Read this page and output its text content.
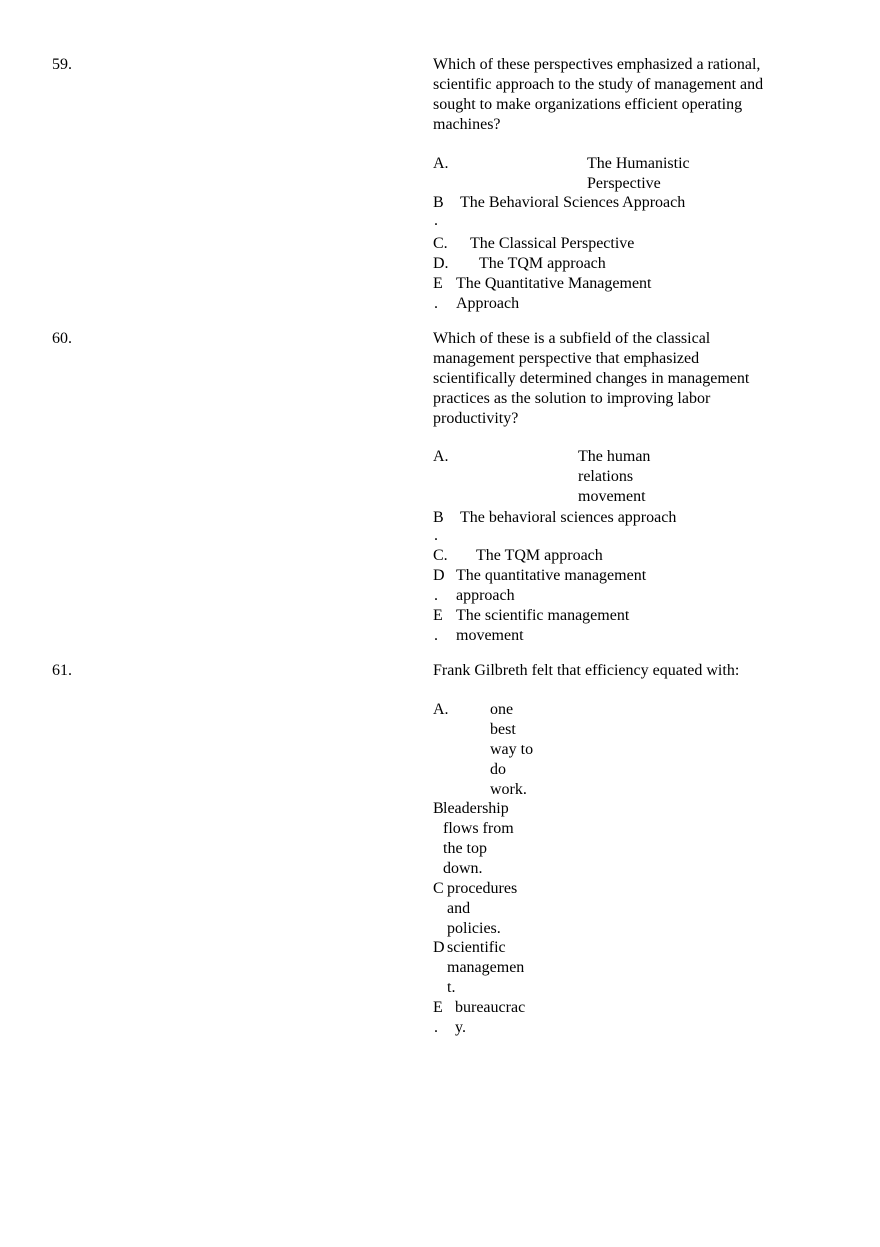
59.	Which of these perspectives emphasized a rational, scientific approach to the study of management and sought to make organizations efficient operating machines?
A.	The Humanistic Perspective
B
.
The Behavioral Sciences Approach
C. The Classical Perspective
D. The TQM approach
E
.
The Quantitative Management Approach
60.	Which of these is a subfield of the classical management perspective that emphasized scientifically determined changes in management practices as the solution to improving labor productivity?
A.	The human relations movement
B
.
The behavioral sciences approach
C. The TQM approach
D
.
The quantitative management approach
E
.
The scientific management movement
61.	Frank Gilbreth felt that efficiency equated with:
A.	one best way to do work.
B leadership flows from the top down.
C procedures and policies.
D scientific managemen t.
E
.
bureaucrac y.
